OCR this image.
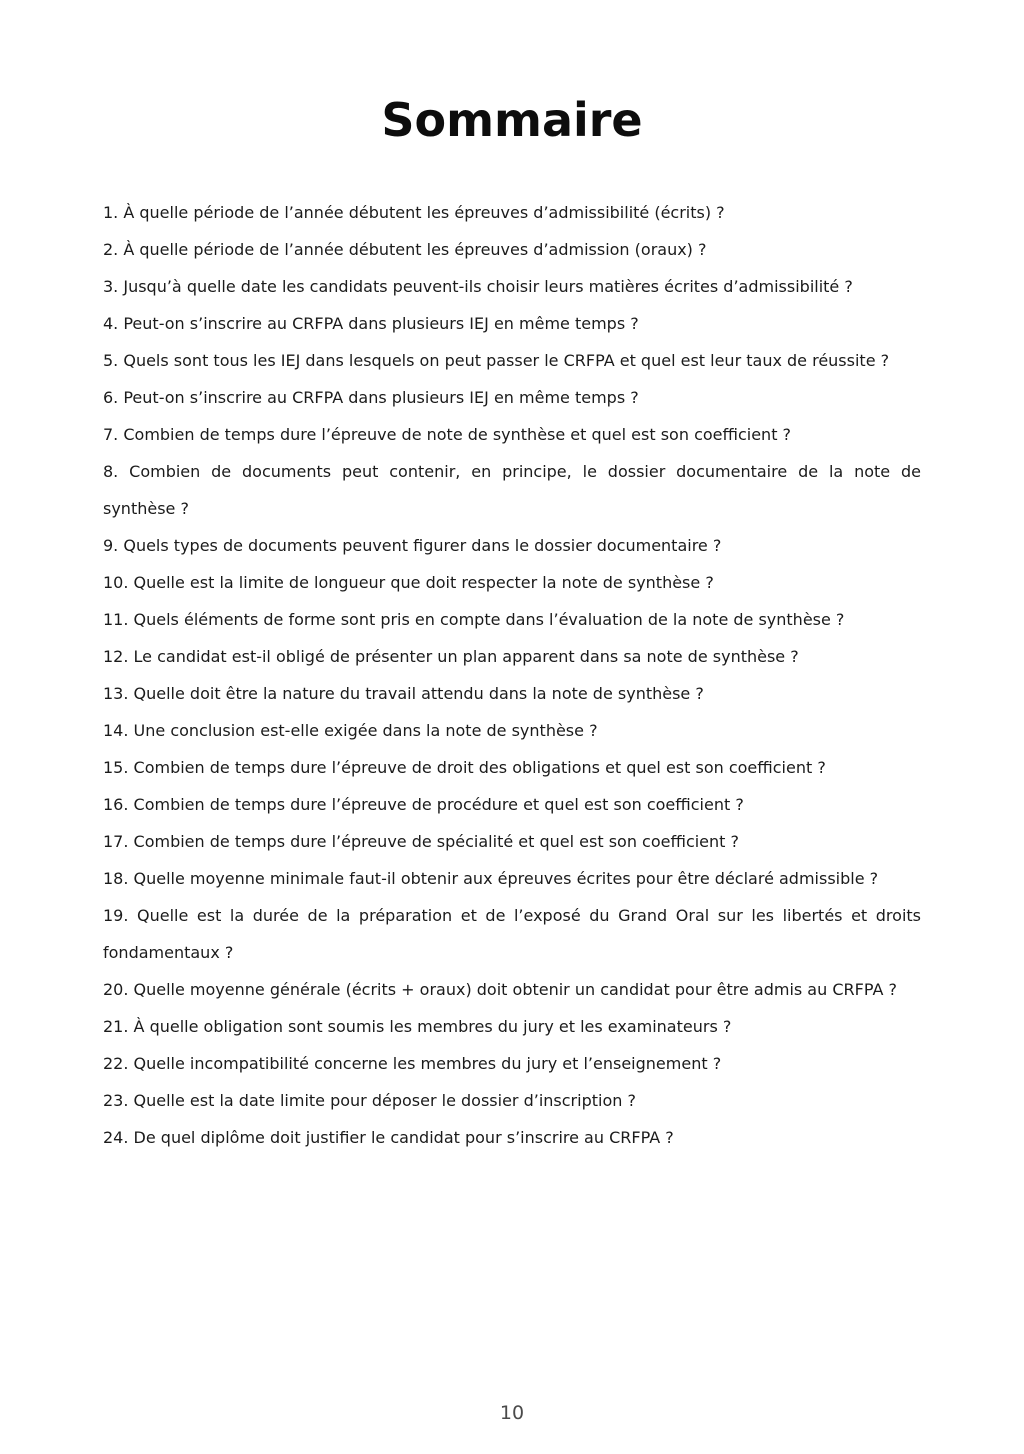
Sommaire

1. À quelle période de l’année débutent les épreuves d’admissibilité (écrits) ?

2. À quelle période de l’année débutent les épreuves d’admission (oraux) ?

3. Jusqu’à quelle date les candidats peuvent-ils choisir leurs matières écrites d’admissibilité ?

4. Peut-on s’inscrire au CRFPA dans plusieurs IEJ en même temps ?

5. Quels sont tous les IEJ dans lesquels on peut passer le CRFPA et quel est leur taux de réussite ?

6. Peut-on s’inscrire au CRFPA dans plusieurs IEJ en même temps ?

7. Combien de temps dure l’épreuve de note de synthèse et quel est son coefficient ?

8. Combien de documents peut contenir, en principe, le dossier documentaire de la note de synthèse ?

9. Quels types de documents peuvent figurer dans le dossier documentaire ?

10. Quelle est la limite de longueur que doit respecter la note de synthèse ?

11. Quels éléments de forme sont pris en compte dans l’évaluation de la note de synthèse ?

12. Le candidat est-il obligé de présenter un plan apparent dans sa note de synthèse ?

13. Quelle doit être la nature du travail attendu dans la note de synthèse ?

14. Une conclusion est-elle exigée dans la note de synthèse ?

15. Combien de temps dure l’épreuve de droit des obligations et quel est son coefficient ?

16. Combien de temps dure l’épreuve de procédure et quel est son coefficient ?

17. Combien de temps dure l’épreuve de spécialité et quel est son coefficient ?

18. Quelle moyenne minimale faut-il obtenir aux épreuves écrites pour être déclaré admissible ?

19. Quelle est la durée de la préparation et de l’exposé du Grand Oral sur les libertés et droits fondamentaux ?

20. Quelle moyenne générale (écrits + oraux) doit obtenir un candidat pour être admis au CRFPA ?

21. À quelle obligation sont soumis les membres du jury et les examinateurs ?

22. Quelle incompatibilité concerne les membres du jury et l’enseignement ?

23. Quelle est la date limite pour déposer le dossier d’inscription ?

24. De quel diplôme doit justifier le candidat pour s’inscrire au CRFPA ?

10
